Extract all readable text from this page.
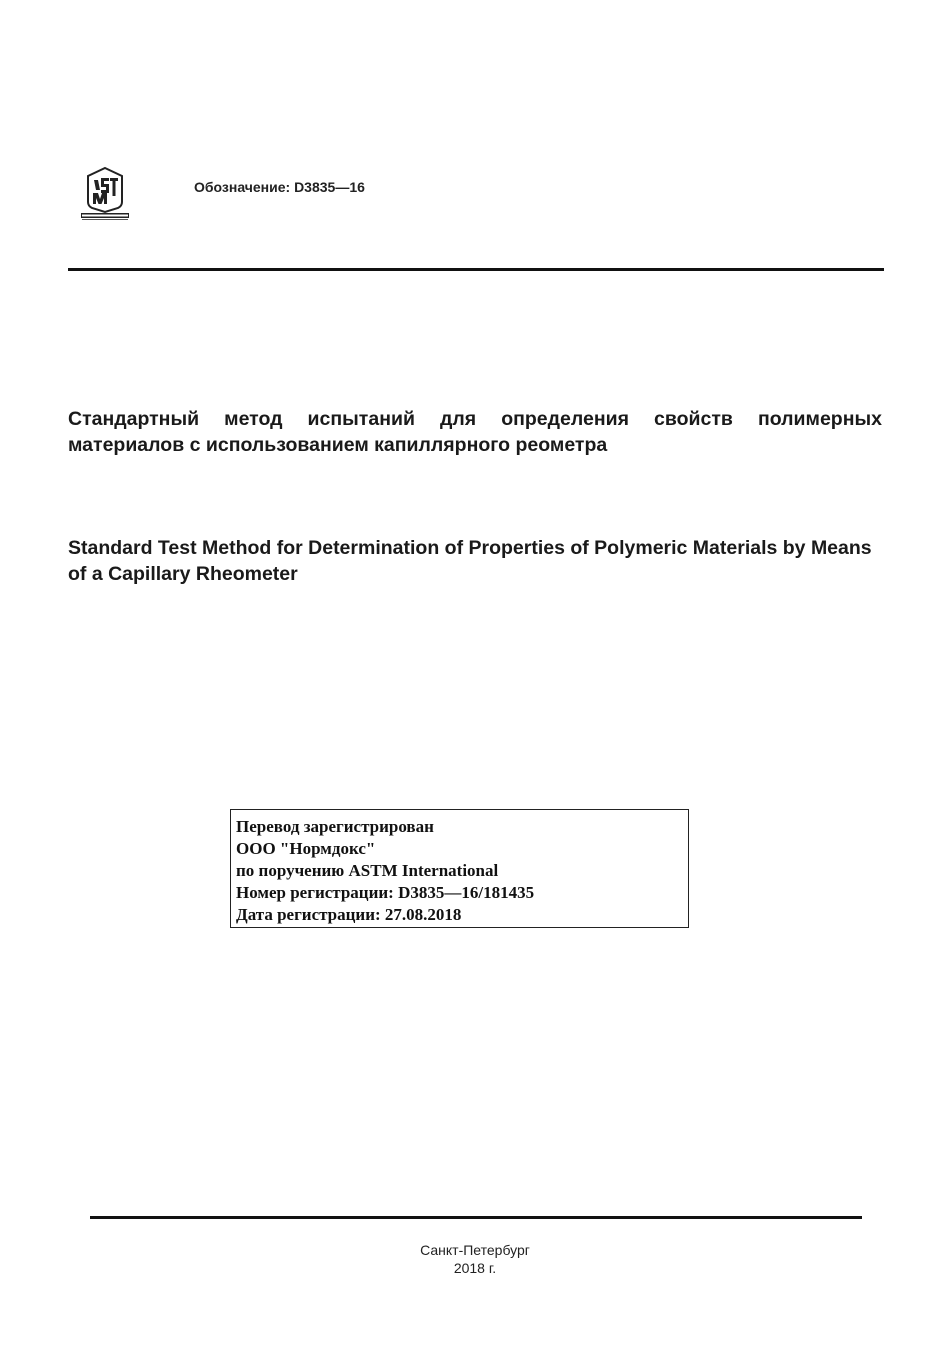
Обозначение: D3835—16
Стандартный метод испытаний для определения свойств полимерных материалов с использованием капиллярного реометра
Standard Test Method for Determination of Properties of Polymeric Materials by Means of a Capillary Rheometer
Перевод зарегистрирован
ООО "Нормдокс"
по поручению ASTM International
Номер регистрации: D3835—16/181435
Дата регистрации: 27.08.2018
Санкт-Петербург
2018 г.
